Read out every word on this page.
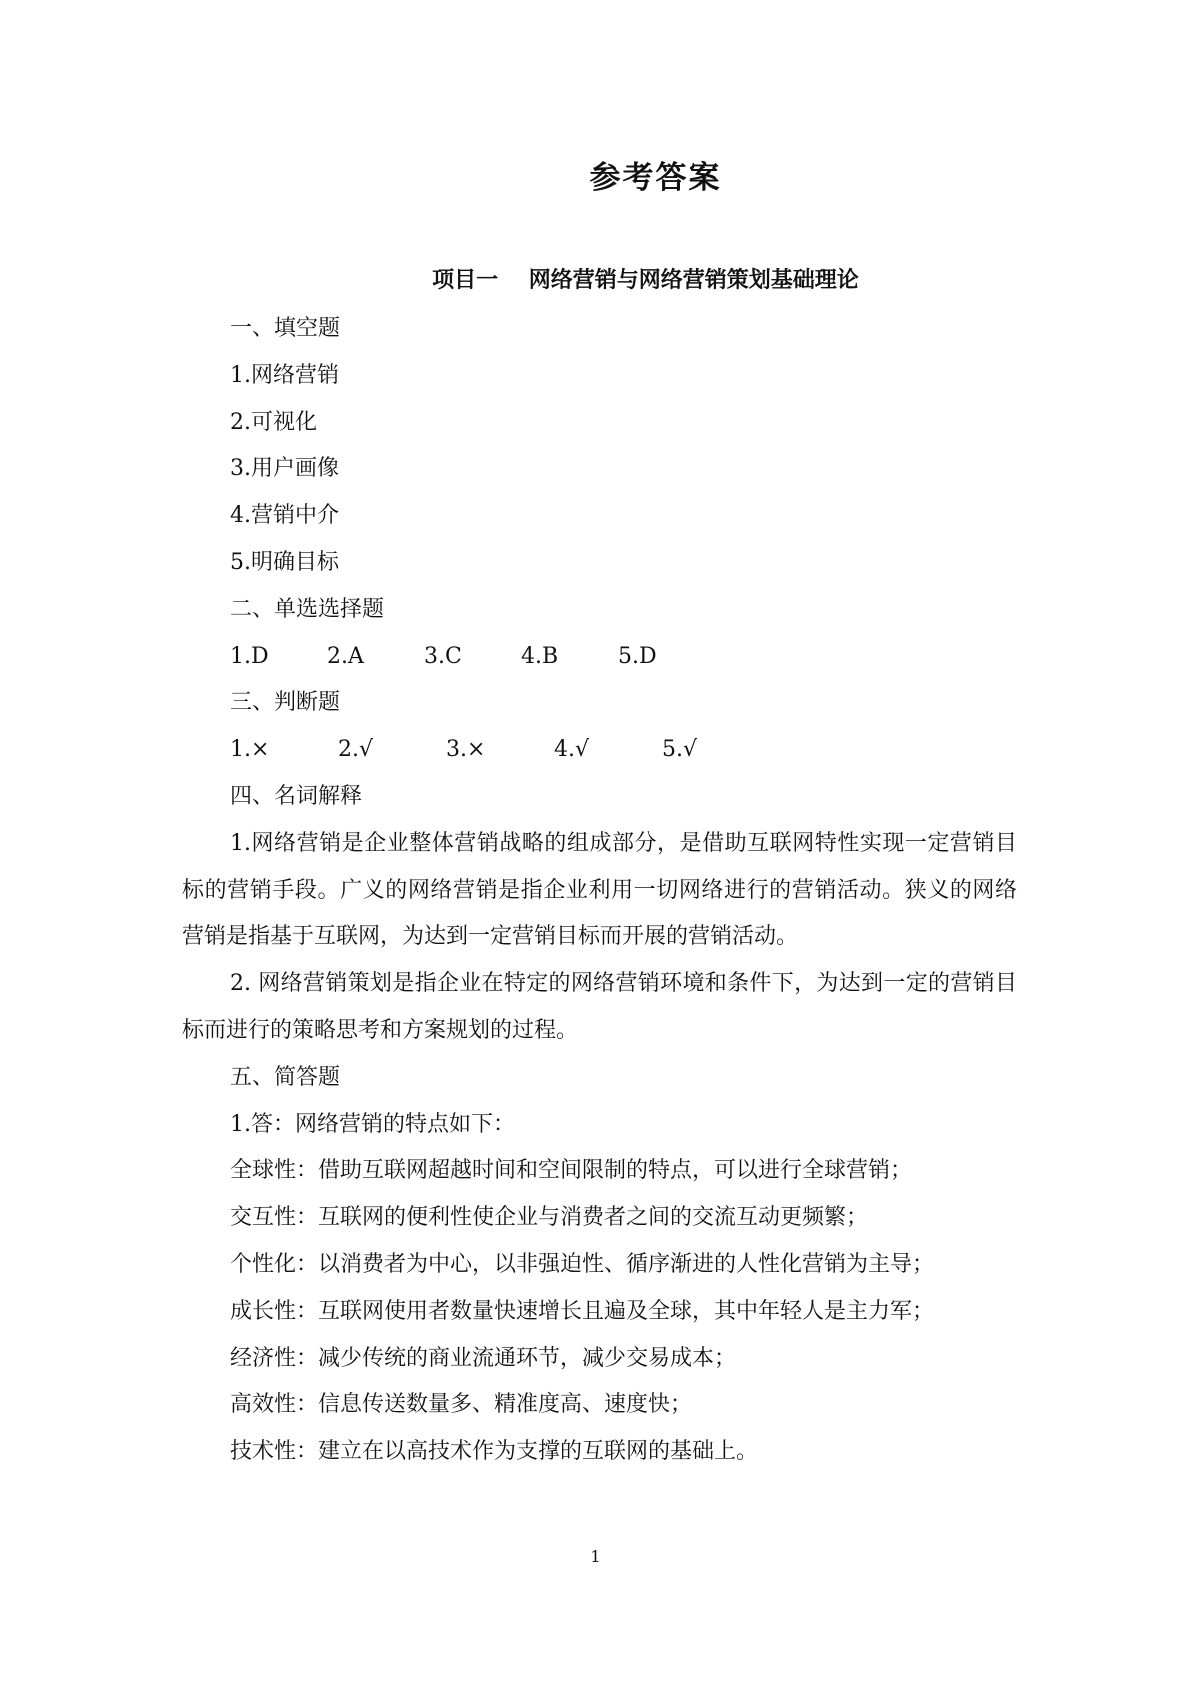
参考答案
项目一    网络营销与网络营销策划基础理论
一、填空题
1.网络营销
2.可视化
3.用户画像
4.营销中介
5.明确目标
二、单选选择题
1.D	2.A	3.C	4.B	5.D
三、判断题
1.×	2.√	3.×	4.√	5.√
四、名词解释
1.网络营销是企业整体营销战略的组成部分，是借助互联网特性实现一定营销目标的营销手段。广义的网络营销是指企业利用一切网络进行的营销活动。狭义的网络营销是指基于互联网，为达到一定营销目标而开展的营销活动。
2. 网络营销策划是指企业在特定的网络营销环境和条件下，为达到一定的营销目标而进行的策略思考和方案规划的过程。
五、简答题
1.答：网络营销的特点如下：
全球性：借助互联网超越时间和空间限制的特点，可以进行全球营销；
交互性：互联网的便利性使企业与消费者之间的交流互动更频繁；
个性化：以消费者为中心，以非强迫性、循序渐进的人性化营销为主导；
成长性：互联网使用者数量快速增长且遍及全球，其中年轻人是主力军；
经济性：减少传统的商业流通环节，减少交易成本；
高效性：信息传送数量多、精准度高、速度快；
技术性：建立在以高技术作为支撑的互联网的基础上。
1
